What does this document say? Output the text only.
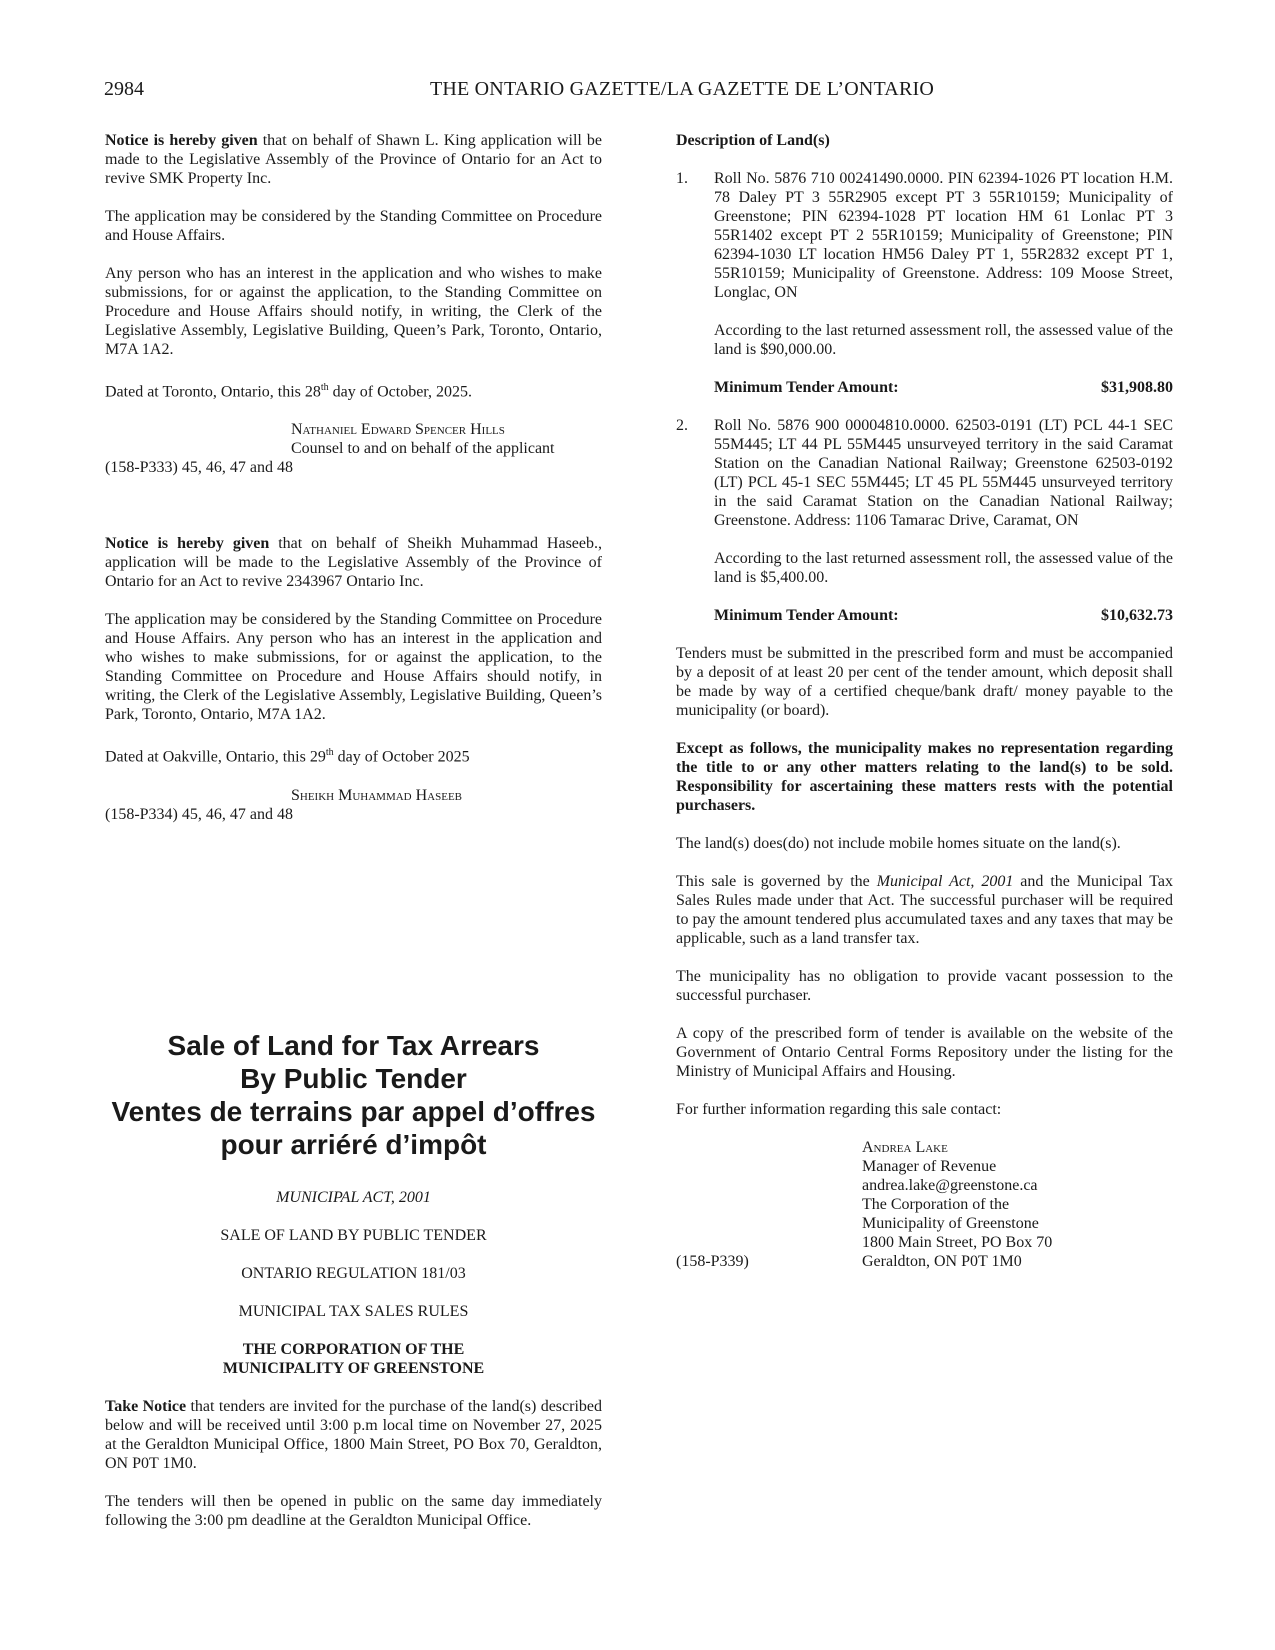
2984	THE ONTARIO GAZETTE/LA GAZETTE DE L’ONTARIO

Notice is hereby given that on behalf of Shawn L. King application will be made to the Legislative Assembly of the Province of Ontario for an Act to revive SMK Property Inc.

The application may be considered by the Standing Committee on Procedure and House Affairs.

Any person who has an interest in the application and who wishes to make submissions, for or against the application, to the Standing Committee on Procedure and House Affairs should notify, in writing, the Clerk of the Legislative Assembly, Legislative Building, Queen’s Park, Toronto, Ontario, M7A 1A2.

Dated at Toronto, Ontario, this 28th day of October, 2025.

Nathaniel Edward Spencer Hills
Counsel to and on behalf of the applicant
(158-P333) 45, 46, 47 and 48

Notice is hereby given that on behalf of Sheikh Muhammad Haseeb., application will be made to the Legislative Assembly of the Province of Ontario for an Act to revive 2343967 Ontario Inc.

The application may be considered by the Standing Committee on Procedure and House Affairs. Any person who has an interest in the application and who wishes to make submissions, for or against the application, to the Standing Committee on Procedure and House Affairs should notify, in writing, the Clerk of the Legislative Assembly, Legislative Building, Queen’s Park, Toronto, Ontario, M7A 1A2.

Dated at Oakville, Ontario, this 29th day of October 2025

Sheikh Muhammad Haseeb
(158-P334) 45, 46, 47 and 48
Sale of Land for Tax Arrears
By Public Tender
Ventes de terrains par appel d’offres
pour arriéré d’impôt

MUNICIPAL ACT, 2001

SALE OF LAND BY PUBLIC TENDER

ONTARIO REGULATION 181/03

MUNICIPAL TAX SALES RULES

THE CORPORATION OF THE

MUNICIPALITY OF GREENSTONE

Take Notice that tenders are invited for the purchase of the land(s) described below and will be received until 3:00 p.m local time on November 27, 2025 at the Geraldton Municipal Office, 1800 Main Street, PO Box 70, Geraldton, ON P0T 1M0.

The tenders will then be opened in public on the same day immediately following the 3:00 pm deadline at the Geraldton Municipal Office.

Description of Land(s)

1. Roll No. 5876 710 00241490.0000. PIN 62394-1026 PT location H.M. 78 Daley PT 3 55R2905 except PT 3 55R10159; Municipality of Greenstone; PIN 62394-1028 PT location HM 61 Lonlac PT 3 55R1402 except PT 2 55R10159; Municipality of Greenstone; PIN 62394-1030 LT location HM56 Daley PT 1, 55R2832 except PT 1, 55R10159; Municipality of Greenstone. Address: 109 Moose Street, Longlac, ON

According to the last returned assessment roll, the assessed value of the land is $90,000.00.

Minimum Tender Amount:	$31,908.80
2. Roll No. 5876 900 00004810.0000. 62503-0191 (LT) PCL 44-1 SEC 55M445; LT 44 PL 55M445 unsurveyed territory in the said Caramat Station on the Canadian National Railway; Greenstone 62503-0192 (LT) PCL 45-1 SEC 55M445; LT 45 PL 55M445 unsurveyed territory in the said Caramat Station on the Canadian National Railway; Greenstone. Address: 1106 Tamarac Drive, Caramat, ON

According to the last returned assessment roll, the assessed value of the land is $5,400.00.

Minimum Tender Amount:	$10,632.73

Tenders must be submitted in the prescribed form and must be accompanied by a deposit of at least 20 per cent of the tender amount, which deposit shall be made by way of a certified cheque/bank draft/ money payable to the municipality (or board).

Except as follows, the municipality makes no representation regarding the title to or any other matters relating to the land(s) to be sold. Responsibility for ascertaining these matters rests with the potential purchasers.

The land(s) does(do) not include mobile homes situate on the land(s).

This sale is governed by the Municipal Act, 2001 and the Municipal Tax Sales Rules made under that Act. The successful purchaser will be required to pay the amount tendered plus accumulated taxes and any taxes that may be applicable, such as a land transfer tax.

The municipality has no obligation to provide vacant possession to the successful purchaser.

A copy of the prescribed form of tender is available on the website of the Government of Ontario Central Forms Repository under the listing for the Ministry of Municipal Affairs and Housing.

For further information regarding this sale contact:

Andrea Lake
Manager of Revenue
andrea.lake@greenstone.ca
The Corporation of the
Municipality of Greenstone
1800 Main Street, PO Box 70
Geraldton, ON P0T 1M0
(158-P339)
